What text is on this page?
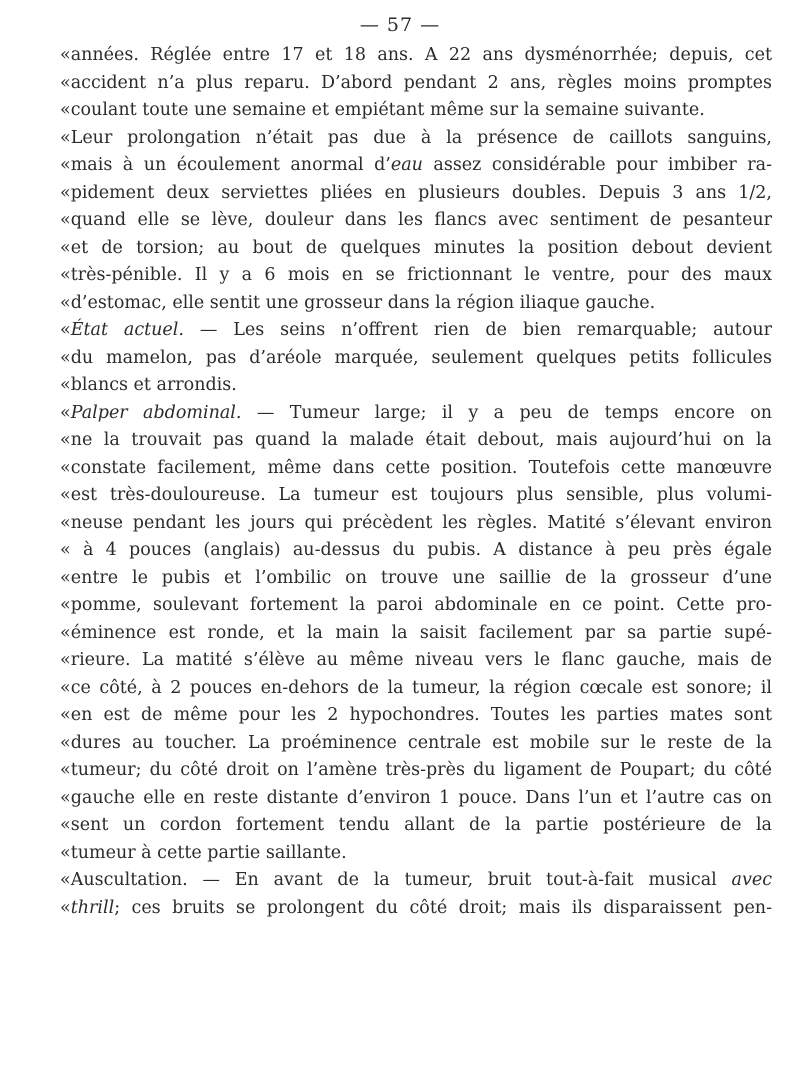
— 57 —
«années. Réglée entre 17 et 18 ans. A 22 ans dysménorrhée; depuis, cet
«accident n’a plus reparu. D’abord pendant 2 ans, règles moins promptes
«coulant toute une semaine et empiétant même sur la semaine suivante.
«Leur prolongation n’était pas due à la présence de caillots sanguins,
«mais à un écoulement anormal d’eau assez considérable pour imbiber ra-
«pidement deux serviettes pliées en plusieurs doubles. Depuis 3 ans 1/2,
«quand elle se lève, douleur dans les flancs avec sentiment de pesanteur
«et de torsion; au bout de quelques minutes la position debout devient
«très-pénible. Il y a 6 mois en se frictionnant le ventre, pour des maux
«d’estomac, elle sentit une grosseur dans la région iliaque gauche.
«État actuel. — Les seins n’offrent rien de bien remarquable; autour
«du mamelon, pas d’aréole marquée, seulement quelques petits follicules
«blancs et arrondis.
«Palper abdominal. — Tumeur large; il y a peu de temps encore on
«ne la trouvait pas quand la malade était debout, mais aujourd’hui on la
«constate facilement, même dans cette position. Toutefois cette manœuvre
«est très-douloureuse. La tumeur est toujours plus sensible, plus volumi-
«neuse pendant les jours qui précèdent les règles. Matité s’élevant environ
« à 4 pouces (anglais) au-dessus du pubis. A distance à peu près égale
«entre le pubis et l’ombilic on trouve une saillie de la grosseur d’une
«pomme, soulevant fortement la paroi abdominale en ce point. Cette pro-
«éminence est ronde, et la main la saisit facilement par sa partie supé-
«rieure. La matité s’élève au même niveau vers le flanc gauche, mais de
«ce côté, à 2 pouces en-dehors de la tumeur, la région cœcale est sonore; il
«en est de même pour les 2 hypochondres. Toutes les parties mates sont
«dures au toucher. La proéminence centrale est mobile sur le reste de la
«tumeur; du côté droit on l’amène très-près du ligament de Poupart; du côté
«gauche elle en reste distante d’environ 1 pouce. Dans l’un et l’autre cas on
«sent un cordon fortement tendu allant de la partie postérieure de la
«tumeur à cette partie saillante.
«Auscultation. — En avant de la tumeur, bruit tout-à-fait musical avec
«thrill; ces bruits se prolongent du côté droit; mais ils disparaissent pen-
